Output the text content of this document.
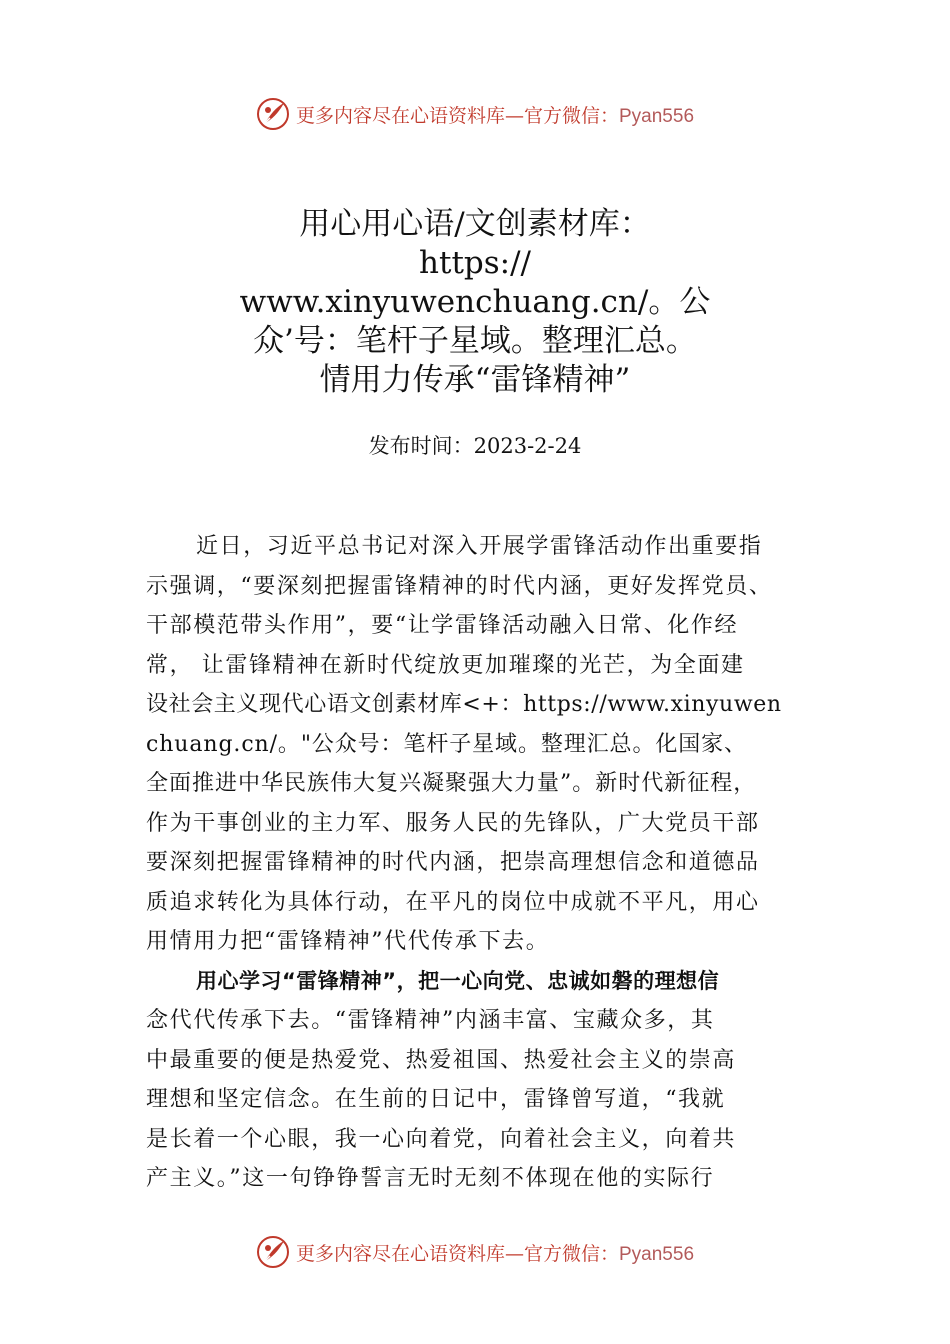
更多内容尽在心语资料库—官方微信：Pyan556
用心用心语/文创素材库：
https://
www.xinyuwenchuang.cn/。公
众’号：笔杆子星域。整理汇总。
情用力传承“雷锋精神”
发布时间：2023-2-24
近日，习近平总书记对深入开展学雷锋活动作出重要指
示强调，“要深刻把握雷锋精神的时代内涵，更好发挥党员、
干部模范带头作用”，要“让学雷锋活动融入日常、化作经
常， 让雷锋精神在新时代绽放更加璀璨的光芒，为全面建
设社会主义现代心语文创素材库<+：https://www.xinyuwen
chuang.cn/。"公众号：笔杆子星域。整理汇总。化国家、
全面推进中华民族伟大复兴凝聚强大力量”。新时代新征程，
作为干事创业的主力军、服务人民的先锋队，广大党员干部
要深刻把握雷锋精神的时代内涵，把崇高理想信念和道德品
质追求转化为具体行动，在平凡的岗位中成就不平凡，用心
用情用力把“雷锋精神”代代传承下去。
用心学习“雷锋精神”，把一心向党、忠诚如磐的理想信
念代代传承下去。“雷锋精神”内涵丰富、宝藏众多，其
中最重要的便是热爱党、热爱祖国、热爱社会主义的崇高
理想和坚定信念。在生前的日记中，雷锋曾写道，“我就
是长着一个心眼，我一心向着党，向着社会主义，向着共
产主义。”这一句铮铮誓言无时无刻不体现在他的实际行
更多内容尽在心语资料库—官方微信：Pyan556
